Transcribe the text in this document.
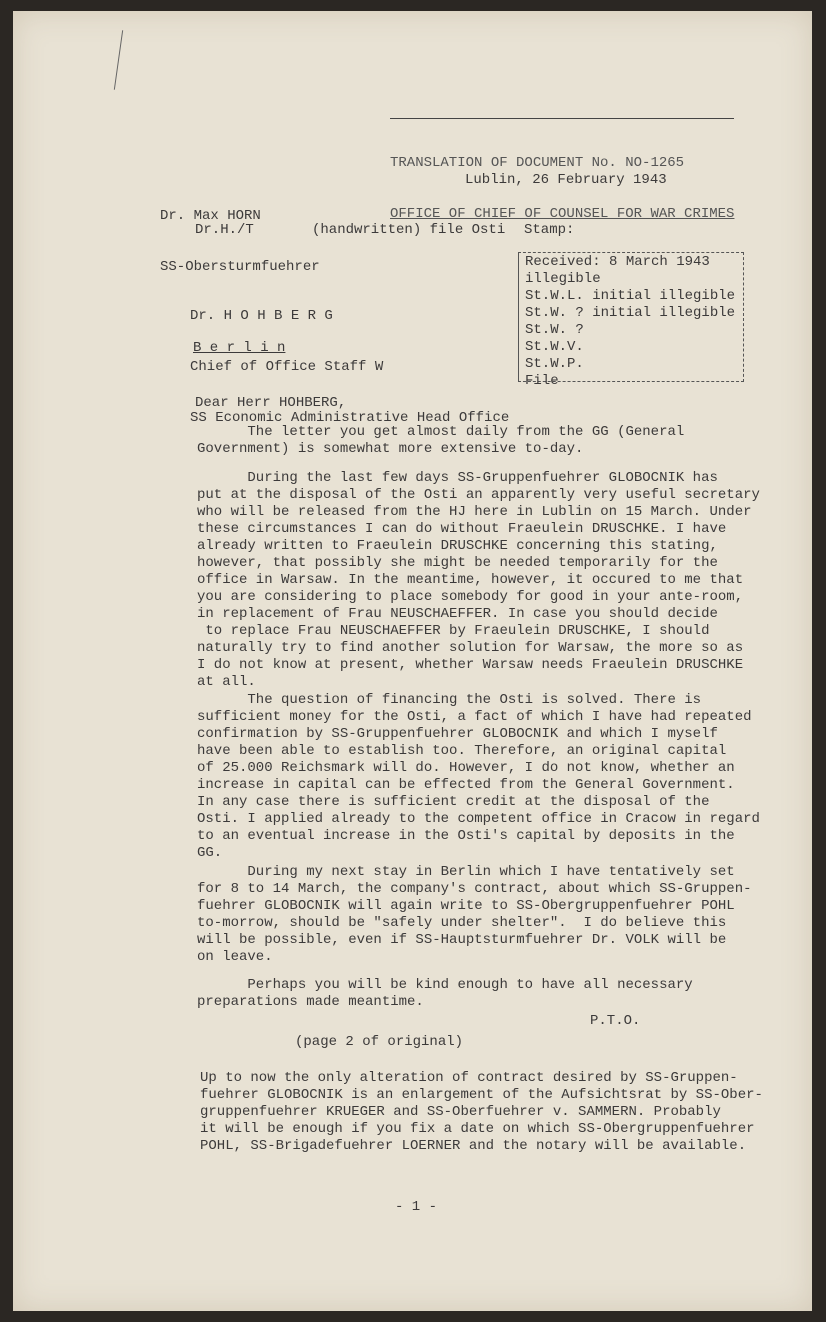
TRANSLATION OF DOCUMENT No. NO-1265

OFFICE OF CHIEF OF COUNSEL FOR WAR CRIMES

Dr. Max HORN

SS-Obersturmfuehrer

Lublin, 26 February 1943
Dr.H./T	(handwritten) file Osti Stamp:
Received: 8 March 1943
illegible
St.W.L. initial illegible
St.W. ? initial illegible
St.W. ?
St.W.V.
St.W.P.
File

Dr. H O H B E R G

Chief of Office Staff W

SS Economic Administrative Head Office

B e r l i n
Dear Herr HOHBERG,
The letter you get almost daily from the GG (General
Government) is somewhat more extensive to-day.
During the last few days SS-Gruppenfuehrer GLOBOCNIK has
put at the disposal of the Osti an apparently very useful secretary
who will be released from the HJ here in Lublin on 15 March. Under
these circumstances I can do without Fraeulein DRUSCHKE. I have
already written to Fraeulein DRUSCHKE concerning this stating,
however, that possibly she might be needed temporarily for the
office in Warsaw. In the meantime, however, it occured to me that
you are considering to place somebody for good in your ante-room,
in replacement of Frau NEUSCHAEFFER. In case you should decide
to replace Frau NEUSCHAEFFER by Fraeulein DRUSCHKE, I should
naturally try to find another solution for Warsaw, the more so as
I do not know at present, whether Warsaw needs Fraeulein DRUSCHKE
at all.
The question of financing the Osti is solved. There is
sufficient money for the Osti, a fact of which I have had repeated
confirmation by SS-Gruppenfuehrer GLOBOCNIK and which I myself
have been able to establish too. Therefore, an original capital
of 25.000 Reichsmark will do. However, I do not know, whether an
increase in capital can be effected from the General Government.
In any case there is sufficient credit at the disposal of the
Osti. I applied already to the competent office in Cracow in regard
to an eventual increase in the Osti's capital by deposits in the
GG.
During my next stay in Berlin which I have tentatively set
for 8 to 14 March, the company's contract, about which SS-Gruppen-
fuehrer GLOBOCNIK will again write to SS-Obergruppenfuehrer POHL
to-morrow, should be "safely under shelter".  I do believe this
will be possible, even if SS-Hauptsturmfuehrer Dr. VOLK will be
on leave.
Perhaps you will be kind enough to have all necessary
preparations made meantime.
P.T.O.
(page 2 of original)
Up to now the only alteration of contract desired by SS-Gruppen-
fuehrer GLOBOCNIK is an enlargement of the Aufsichtsrat by SS-Ober-
gruppenfuehrer KRUEGER and SS-Oberfuehrer v. SAMMERN. Probably
it will be enough if you fix a date on which SS-Obergruppenfuehrer
POHL, SS-Brigadefuehrer LOERNER and the notary will be available.
- 1 -
